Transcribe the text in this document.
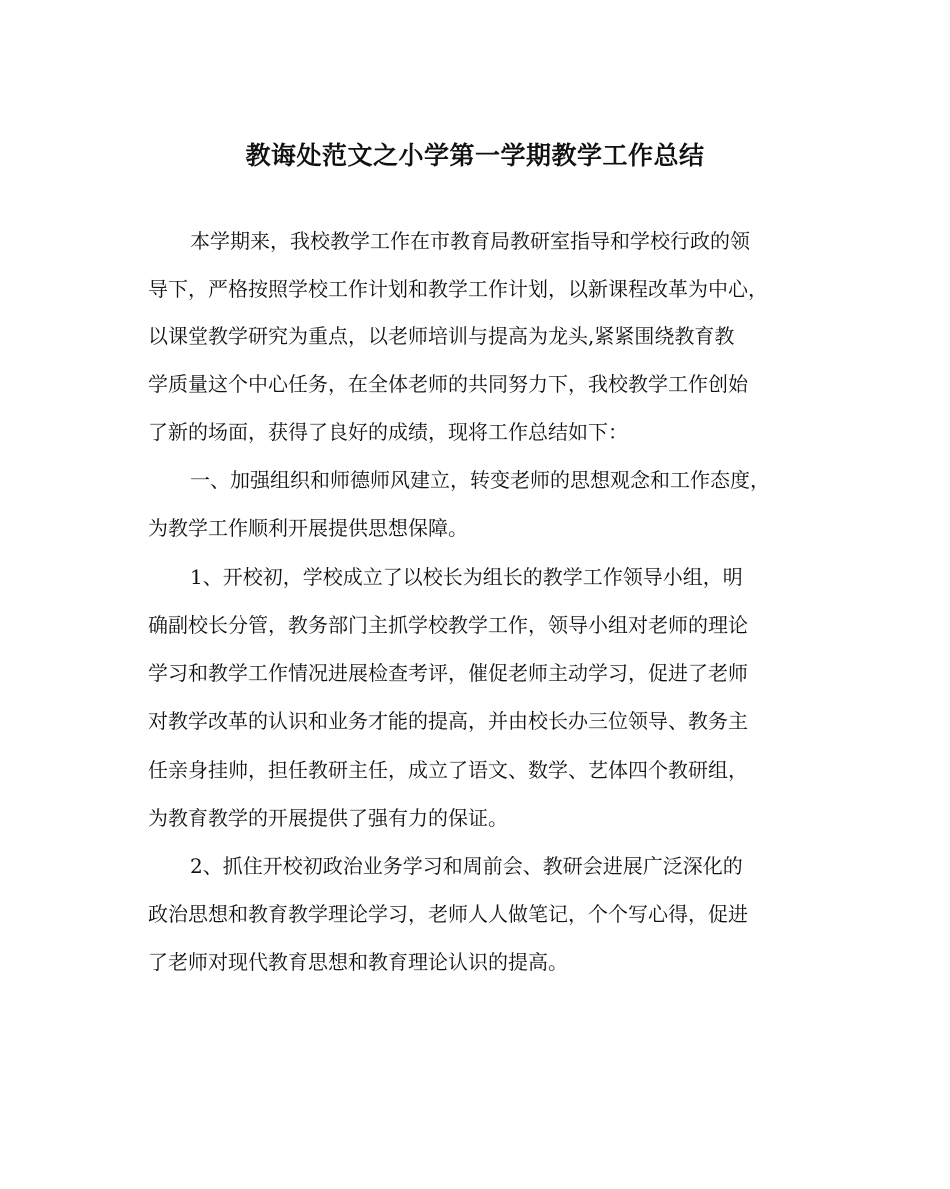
教诲处范文之小学第一学期教学工作总结

本学期来，我校教学工作在市教育局教研室指导和学校行政的领

导下，严格按照学校工作计划和教学工作计划，以新课程改革为中心，

以课堂教学研究为重点，以老师培训与提高为龙头,紧紧围绕教育教

学质量这个中心任务，在全体老师的共同努力下，我校教学工作创始

了新的场面，获得了良好的成绩，现将工作总结如下：

一、加强组织和师德师风建立，转变老师的思想观念和工作态度，

为教学工作顺利开展提供思想保障。

1、开校初，学校成立了以校长为组长的教学工作领导小组，明

确副校长分管，教务部门主抓学校教学工作，领导小组对老师的理论

学习和教学工作情况进展检查考评，催促老师主动学习，促进了老师

对教学改革的认识和业务才能的提高，并由校长办三位领导、教务主

任亲身挂帅，担任教研主任，成立了语文、数学、艺体四个教研组，

为教育教学的开展提供了强有力的保证。

2、抓住开校初政治业务学习和周前会、教研会进展广泛深化的

政治思想和教育教学理论学习，老师人人做笔记，个个写心得，促进

了老师对现代教育思想和教育理论认识的提高。
